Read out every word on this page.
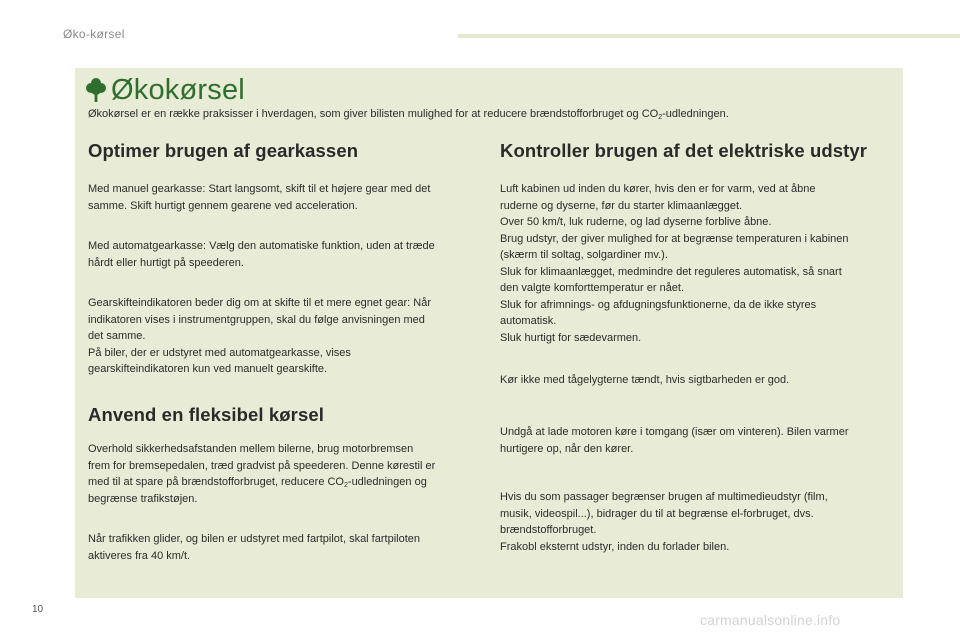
Øko-kørsel
Økokørsel
Økokørsel er en række praksisser i hverdagen, som giver bilisten mulighed for at reducere brændstofforbruget og $CO_2$-udledningen.
Optimer brugen af gearkassen
Med manuel gearkasse: Start langsomt, skift til et højere gear med det
samme. Skift hurtigt gennem gearene ved acceleration.
Med automatgearkasse: Vælg den automatiske funktion, uden at træde
hårdt eller hurtigt på speederen.
Gearskifteindikatoren beder dig om at skifte til et mere egnet gear: Når
indikatoren vises i instrumentgruppen, skal du følge anvisningen med
det samme.
På biler, der er udstyret med automatgearkasse, vises
gearskifteindikatoren kun ved manuelt gearskifte.
Anvend en fleksibel kørsel
Overhold sikkerhedsafstanden mellem bilerne, brug motorbremsen
frem for bremsepedalen, træd gradvist på speederen. Denne kørestil er
med til at spare på brændstofforbruget, reducere $CO_2$-udledningen og
begrænse trafikstøjen.
Når trafikken glider, og bilen er udstyret med fartpilot, skal fartpiloten
aktiveres fra 40 km/t.
Kontroller brugen af det elektriske udstyr
Luft kabinen ud inden du kører, hvis den er for varm, ved at åbne
ruderne og dyserne, før du starter klimaanlægget.
Over 50 km/t, luk ruderne, og lad dyserne forblive åbne.
Brug udstyr, der giver mulighed for at begrænse temperaturen i kabinen
(skærm til soltag, solgardiner mv.).
Sluk for klimaanlægget, medmindre det reguleres automatisk, så snart
den valgte komforttemperatur er nået.
Sluk for afrimnings- og afdugningsfunktionerne, da de ikke styres
automatisk.
Sluk hurtigt for sædevarmen.
Kør ikke med tågelygterne tændt, hvis sigtbarheden er god.
Undgå at lade motoren køre i tomgang (især om vinteren). Bilen varmer
hurtigere op, når den kører.
Hvis du som passager begrænser brugen af multimedieudstyr (film,
musik, videospil...), bidrager du til at begrænse el-forbruget, dvs.
brændstofforbruget.
Frakobl eksternt udstyr, inden du forlader bilen.
10
carmanualsonline.info
